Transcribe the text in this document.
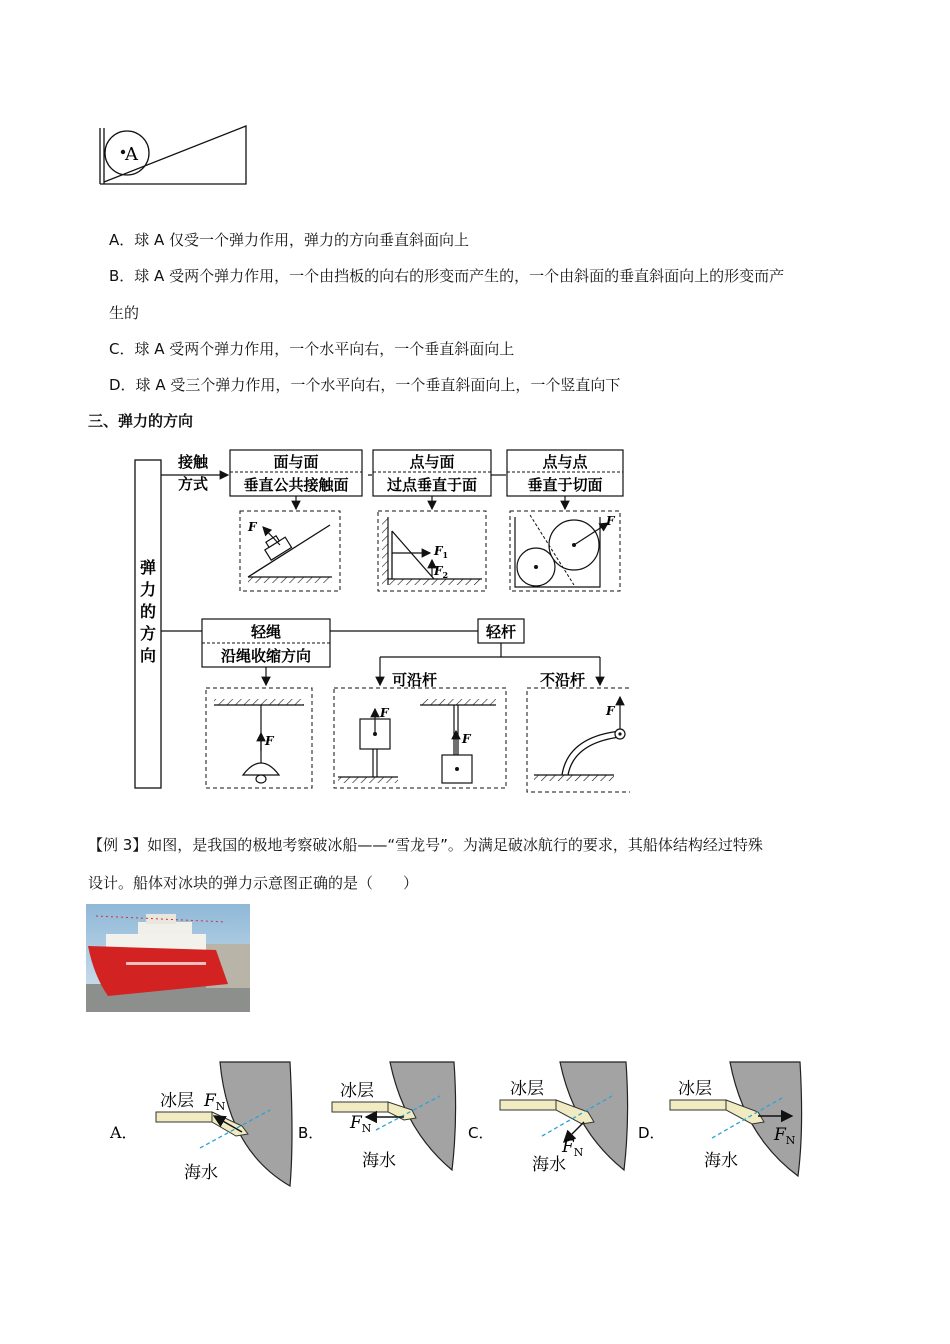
A
A．球 A 仅受一个弹力作用，弹力的方向垂直斜面向上
B．球 A 受两个弹力作用，一个由挡板的向右的形变而产生的，一个由斜面的垂直斜面向上的形变而产
生的
C．球 A 受两个弹力作用，一个水平向右，一个垂直斜面向上
D．球 A 受三个弹力作用，一个水平向右，一个垂直斜面向上，一个竖直向下
三、弹力的方向
弹
力
的
方
向
接触
方式
面与面
垂直公共接触面
点与面
过点垂直于面
点与点
垂直于切面
F
$F_1$
$F_2$
F
轻绳
沿绳收缩方向
轻杆
可沿杆	不沿杆
F
F
F
F
【例 3】如图，是我国的极地考察破冰船——“雪龙号”。为满足破冰航行的要求，其船体结构经过特殊
设计。船体对冰块的弹力示意图正确的是（　　）
A．
冰层 $F_N$
海水
B．
冰层
$F_N$
海水
C．
冰层
$F_N$
海水
D．
冰层
$F_N$
海水
